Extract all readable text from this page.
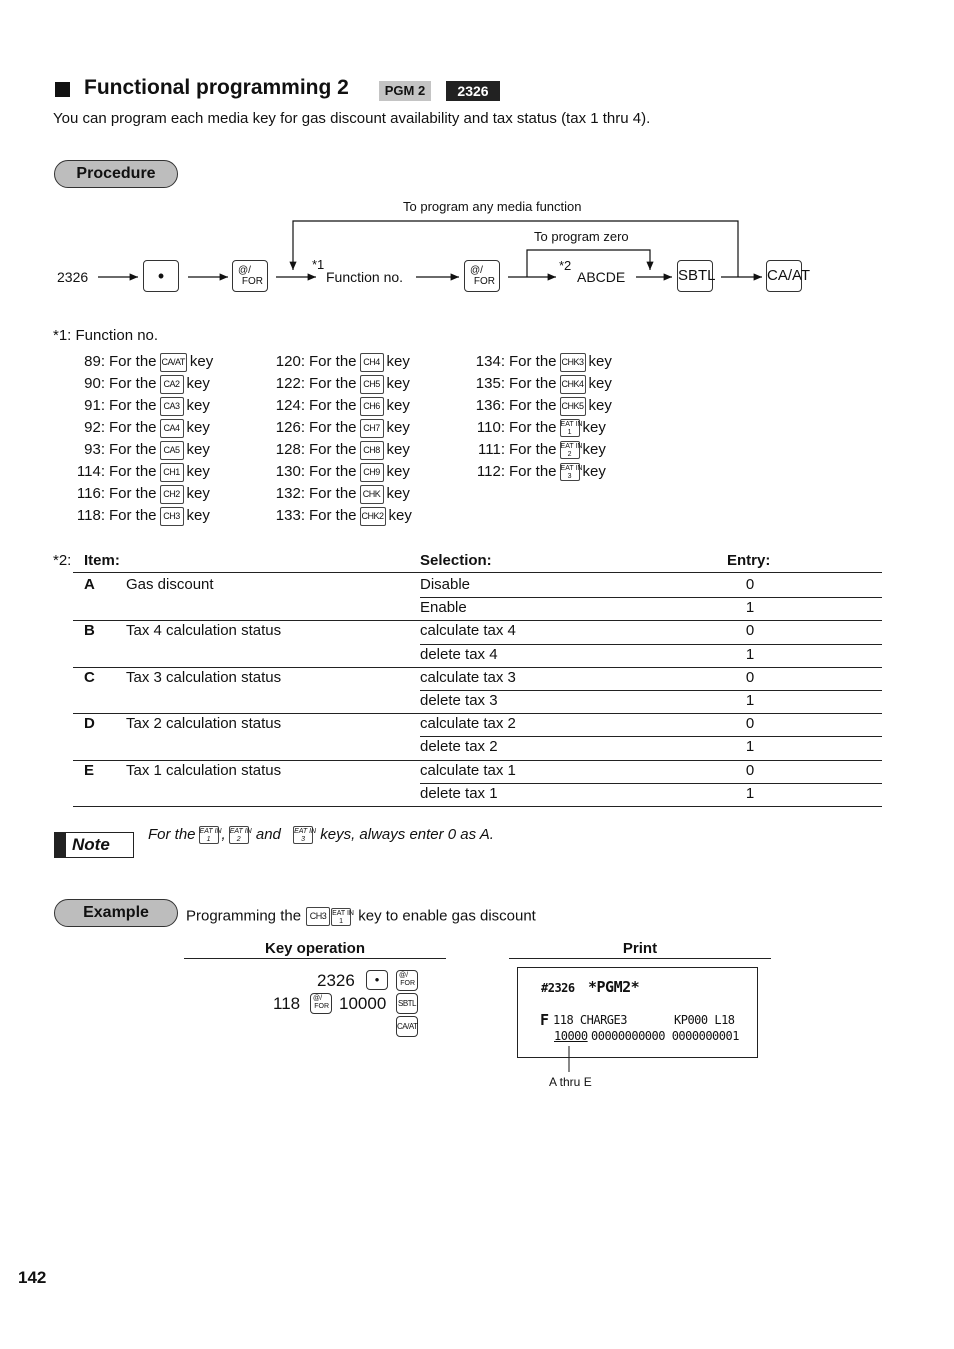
Functional programming 2	PGM 2	2326
You can program each media key for gas discount availability and tax status (tax 1 thru 4).
Procedure
2326	•	@/
FOR
*1
Function no.	@/
FOR
*2
ABCDE	SBTL	CA/AT
To program any media function
To program zero
*1: Function no.
89: For the CA/AT key
90: For the CA2 key
91: For the CA3 key
92: For the CA4 key
93: For the CA5 key
114: For the CH1 key
116: For the CH2 key
118: For the CH3 key
120: For the CH4 key
122: For the CH5 key
124: For the CH6 key
126: For the CH7 key
128: For the CH8 key
130: For the CH9 key
132: For the CHK key
133: For the CHK2 key
134: For the CHK3 key
135: For the CHK4 key
136: For the CHK5 key
110: For the EAT IN
1 key
111: For the EAT IN
2 key
112: For the EAT IN
3 key
*2: Item:	Selection:	Entry:
A Gas discount	Disable	0
Enable	1
B Tax 4 calculation status	calculate tax 4	0
delete tax 4	1
C Tax 3 calculation status	calculate tax 3	0
delete tax 3	1
D Tax 2 calculation status	calculate tax 2	0
delete tax 2	1
E Tax 1 calculation status	calculate tax 1	0
delete tax 1	1
Note
For the EAT IN
1 , EAT IN
2 and EAT IN
3 keys, always enter 0 as A.
Example	Programming the CH3 EAT IN
1 key to enable gas discount
Key operation	Print
2326	•	@/
FOR
118 @/
FOR 10000 SBTL
CA/AT
#2326 *PGM2*
F 118 CHARGE3	KP000 L18
10000 00000000000 0000000001
A thru E
142
